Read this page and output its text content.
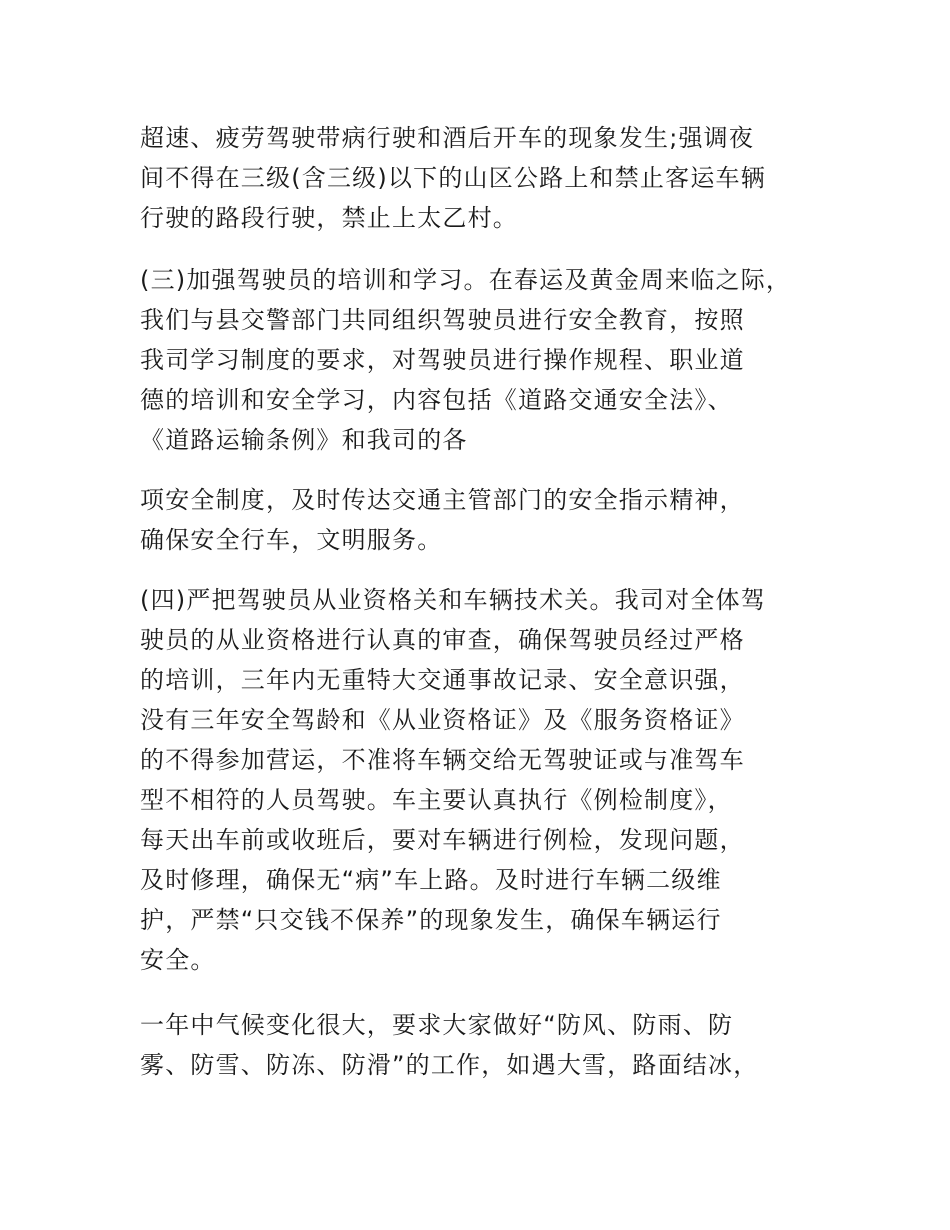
超速、疲劳驾驶带病行驶和酒后开车的现象发生;强调夜
间不得在三级(含三级)以下的山区公路上和禁止客运车辆
行驶的路段行驶，禁止上太乙村。
(三)加强驾驶员的培训和学习。在春运及黄金周来临之际，
我们与县交警部门共同组织驾驶员进行安全教育，按照
我司学习制度的要求，对驾驶员进行操作规程、职业道
德的培训和安全学习，内容包括《道路交通安全法》、
《道路运输条例》和我司的各
项安全制度，及时传达交通主管部门的安全指示精神，
确保安全行车，文明服务。
(四)严把驾驶员从业资格关和车辆技术关。我司对全体驾
驶员的从业资格进行认真的审查，确保驾驶员经过严格
的培训，三年内无重特大交通事故记录、安全意识强，
没有三年安全驾龄和《从业资格证》及《服务资格证》
的不得参加营运，不准将车辆交给无驾驶证或与准驾车
型不相符的人员驾驶。车主要认真执行《例检制度》，
每天出车前或收班后，要对车辆进行例检，发现问题，
及时修理，确保无“病”车上路。及时进行车辆二级维
护，严禁“只交钱不保养”的现象发生，确保车辆运行
安全。
一年中气候变化很大，要求大家做好“防风、防雨、防
雾、防雪、防冻、防滑”的工作，如遇大雪，路面结冰，
